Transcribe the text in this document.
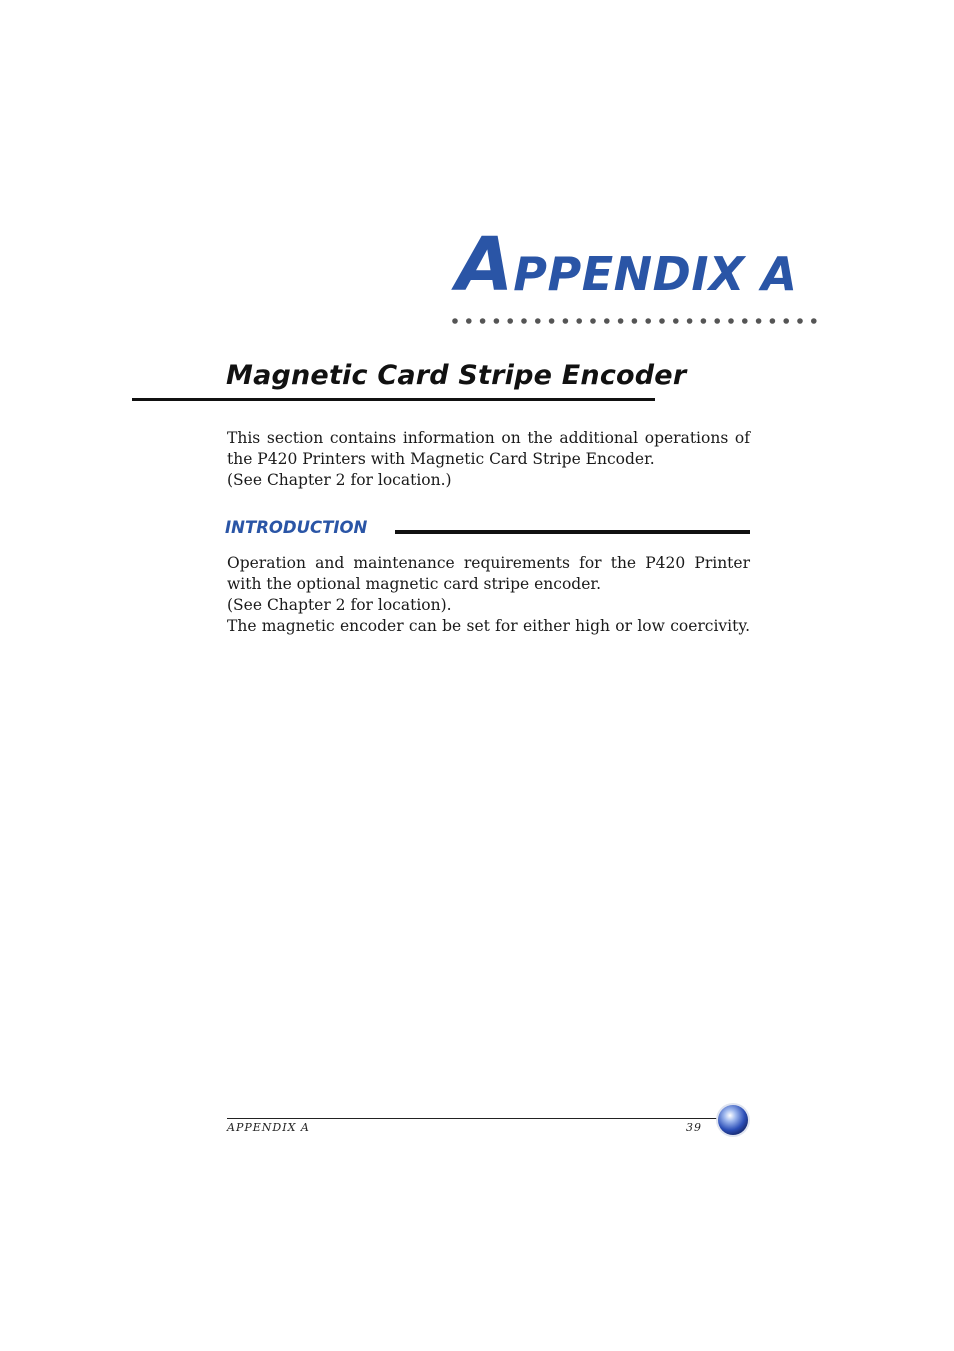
APPENDIX A
Magnetic Card Stripe Encoder

This section contains information on the additional operations of
the P420 Printers with Magnetic Card Stripe Encoder.
(See Chapter 2 for location.)

INTRODUCTION

Operation and maintenance requirements for the P420 Printer
with the optional magnetic card stripe encoder.
(See Chapter 2 for location).
The magnetic encoder can be set for either high or low coercivity.

APPENDIX A	39
